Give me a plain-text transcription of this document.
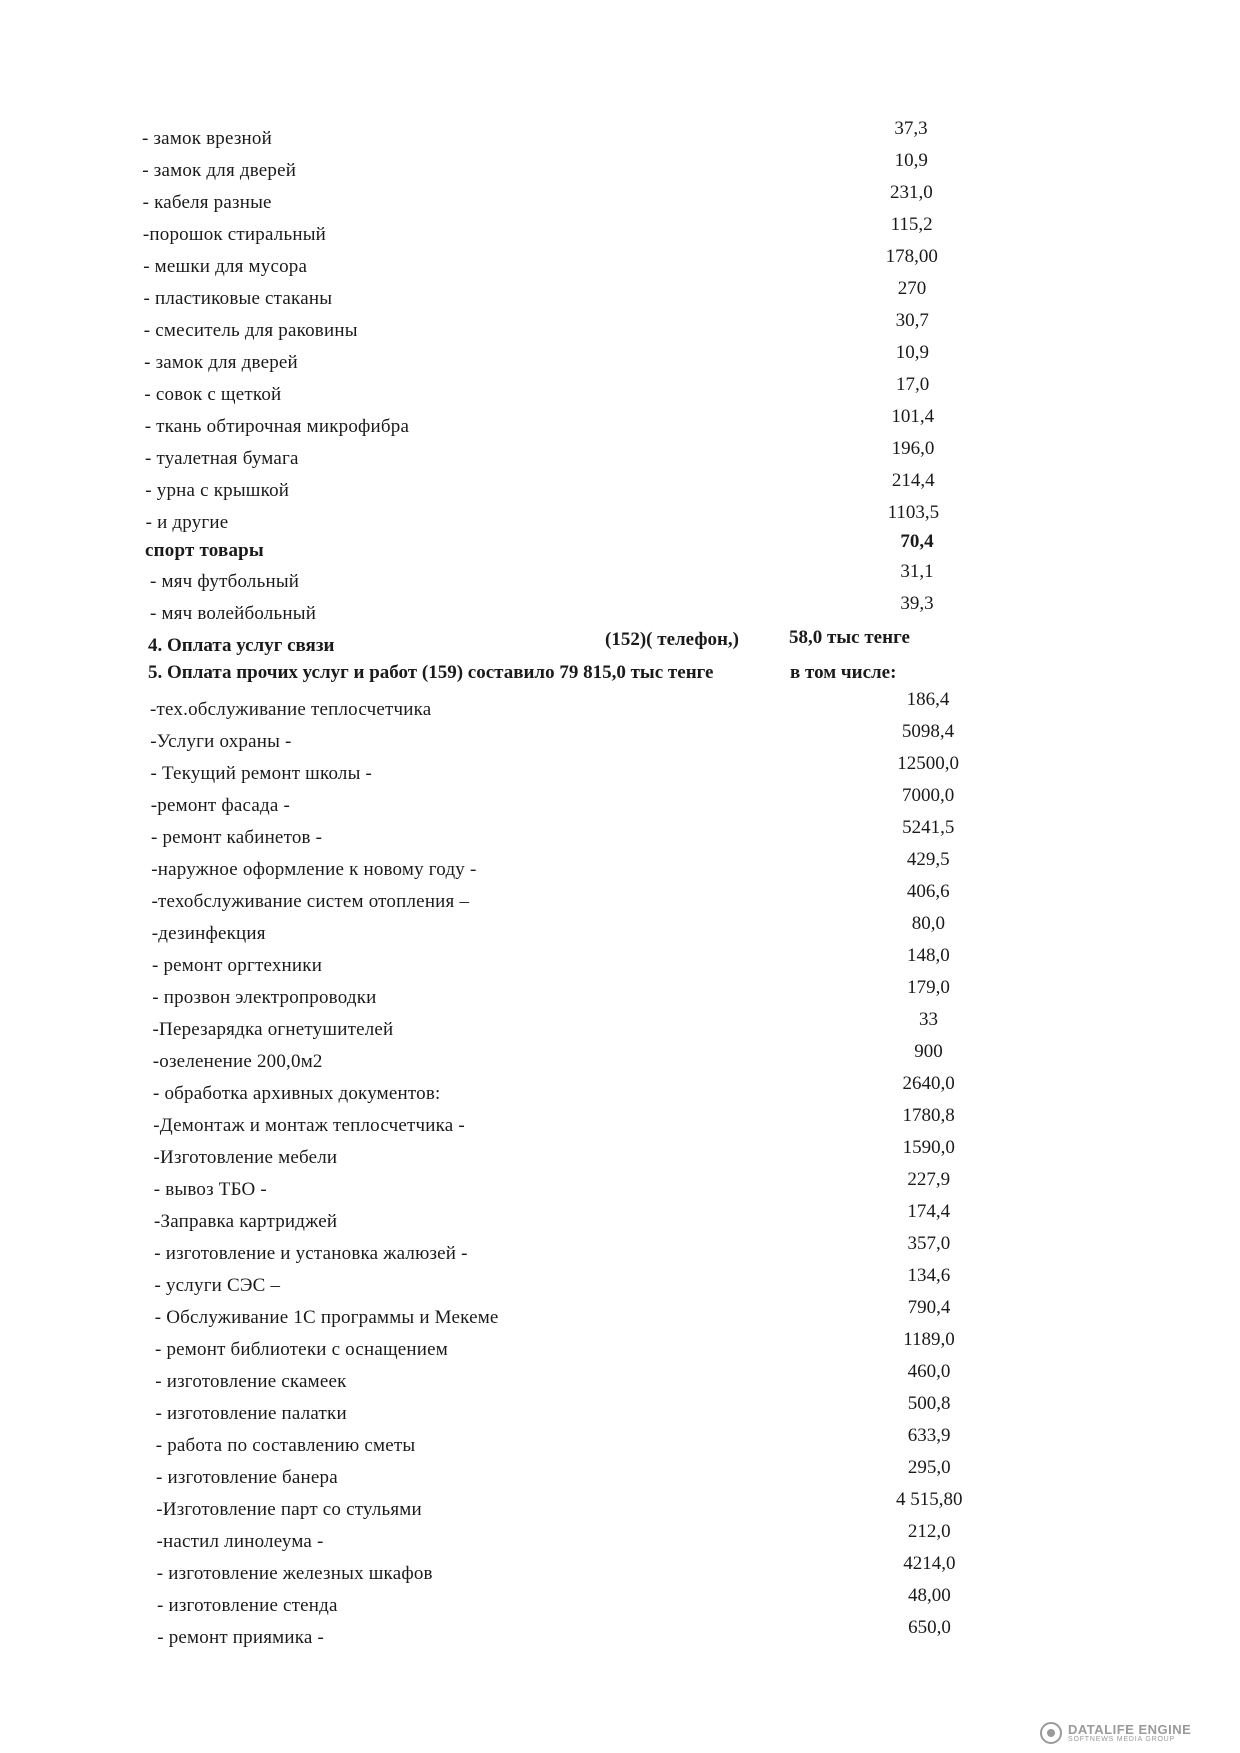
- замок врезной	37,3
- замок для дверей	10,9
- кабеля разные	231,0
-порошок стиральный	115,2
- мешки для мусора	178,00
- пластиковые стаканы	270
- смеситель для раковины	30,7
- замок для дверей	10,9
- совок с щеткой	17,0
- ткань обтирочная микрофибра	101,4
- туалетная бумага	196,0
- урна с крышкой	214,4
- и другие	1103,5
спорт товары	70,4
- мяч футбольный	31,1
- мяч волейбольный	39,3
4. Оплата услуг связи	(152)( телефон,)	58,0 тыс тенге
5. Оплата прочих услуг и работ (159) составило 79 815,0 тыс тенге	в том числе:
-тех.обслуживание теплосчетчика	186,4
-Услуги охраны -	5098,4
- Текущий ремонт школы -	12500,0
-ремонт фасада -	7000,0
- ремонт кабинетов -	5241,5
-наружное оформление к новому году -	429,5
-техобслуживание систем отопления –	406,6
-дезинфекция	80,0
- ремонт оргтехники	148,0
- прозвон электропроводки	179,0
-Перезарядка огнетушителей	33
-озеленение 200,0м2	900
- обработка архивных документов:	2640,0
-Демонтаж и монтаж теплосчетчика -	1780,8
-Изготовление мебели	1590,0
- вывоз ТБО -	227,9
-Заправка картриджей	174,4
- изготовление и установка жалюзей -	357,0
- услуги СЭС –	134,6
- Обслуживание 1С программы и Мекеме	790,4
- ремонт библиотеки с оснащением	1189,0
- изготовление скамеек	460,0
- изготовление палатки	500,8
- работа по составлению сметы	633,9
- изготовление банера	295,0
-Изготовление парт со стульями	4 515,80
-настил линолеума -	212,0
- изготовление железных шкафов	4214,0
- изготовление стенда	48,00
- ремонт приямика -	650,0
DATALIFE ENGINE
SOFTNEWS MEDIA GROUP
